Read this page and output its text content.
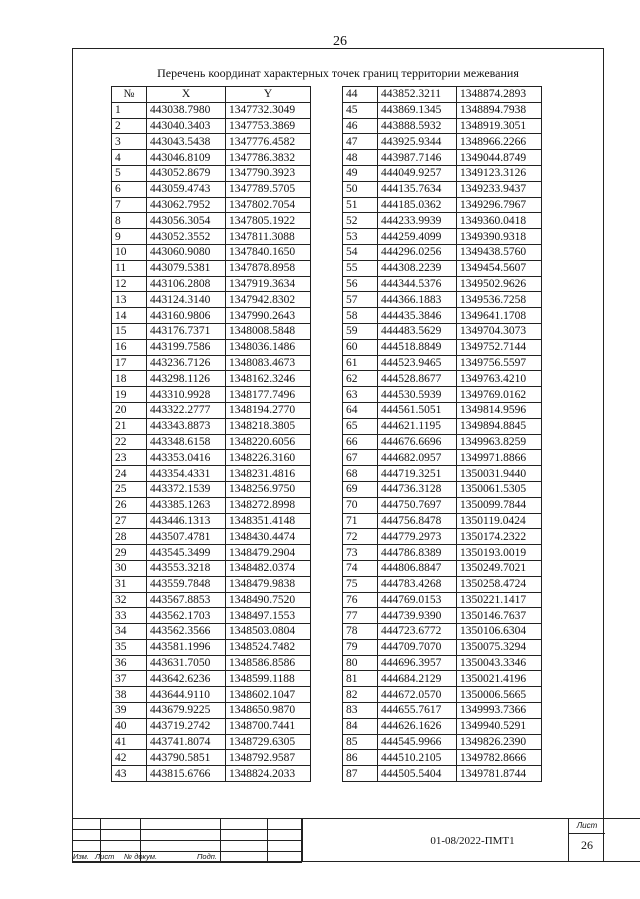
26
Перечень координат характерных точек границ территории межевания
№	X	Y
1	443038.7980	1347732.3049
2	443040.3403	1347753.3869
3	443043.5438	1347776.4582
4	443046.8109	1347786.3832
5	443052.8679	1347790.3923
6	443059.4743	1347789.5705
7	443062.7952	1347802.7054
8	443056.3054	1347805.1922
9	443052.3552	1347811.3088
10	443060.9080	1347840.1650
11	443079.5381	1347878.8958
12	443106.2808	1347919.3634
13	443124.3140	1347942.8302
14	443160.9806	1347990.2643
15	443176.7371	1348008.5848
16	443199.7586	1348036.1486
17	443236.7126	1348083.4673
18	443298.1126	1348162.3246
19	443310.9928	1348177.7496
20	443322.2777	1348194.2770
21	443343.8873	1348218.3805
22	443348.6158	1348220.6056
23	443353.0416	1348226.3160
24	443354.4331	1348231.4816
25	443372.1539	1348256.9750
26	443385.1263	1348272.8998
27	443446.1313	1348351.4148
28	443507.4781	1348430.4474
29	443545.3499	1348479.2904
30	443553.3218	1348482.0374
31	443559.7848	1348479.9838
32	443567.8853	1348490.7520
33	443562.1703	1348497.1553
34	443562.3566	1348503.0804
35	443581.1996	1348524.7482
36	443631.7050	1348586.8586
37	443642.6236	1348599.1188
38	443644.9110	1348602.1047
39	443679.9225	1348650.9870
40	443719.2742	1348700.7441
41	443741.8074	1348729.6305
42	443790.5851	1348792.9587
43	443815.6766	1348824.2033
44	443852.3211	1348874.2893
45	443869.1345	1348894.7938
46	443888.5932	1348919.3051
47	443925.9344	1348966.2266
48	443987.7146	1349044.8749
49	444049.9257	1349123.3126
50	444135.7634	1349233.9437
51	444185.0362	1349296.7967
52	444233.9939	1349360.0418
53	444259.4099	1349390.9318
54	444296.0256	1349438.5760
55	444308.2239	1349454.5607
56	444344.5376	1349502.9626
57	444366.1883	1349536.7258
58	444435.3846	1349641.1708
59	444483.5629	1349704.3073
60	444518.8849	1349752.7144
61	444523.9465	1349756.5597
62	444528.8677	1349763.4210
63	444530.5939	1349769.0162
64	444561.5051	1349814.9596
65	444621.1195	1349894.8845
66	444676.6696	1349963.8259
67	444682.0957	1349971.8866
68	444719.3251	1350031.9440
69	444736.3128	1350061.5305
70	444750.7697	1350099.7844
71	444756.8478	1350119.0424
72	444779.2973	1350174.2322
73	444786.8389	1350193.0019
74	444806.8847	1350249.7021
75	444783.4268	1350258.4724
76	444769.0153	1350221.1417
77	444739.9390	1350146.7637
78	444723.6772	1350106.6304
79	444709.7070	1350075.3294
80	444696.3957	1350043.3346
81	444684.2129	1350021.4196
82	444672.0570	1350006.5665
83	444655.7617	1349993.7366
84	444626.1626	1349940.5291
85	444545.9966	1349826.2390
86	444510.2105	1349782.8666
87	444505.5404	1349781.8744

Изм. Лист № докум.	Подп.
01-08/2022-ПМТ1
Лист
26
